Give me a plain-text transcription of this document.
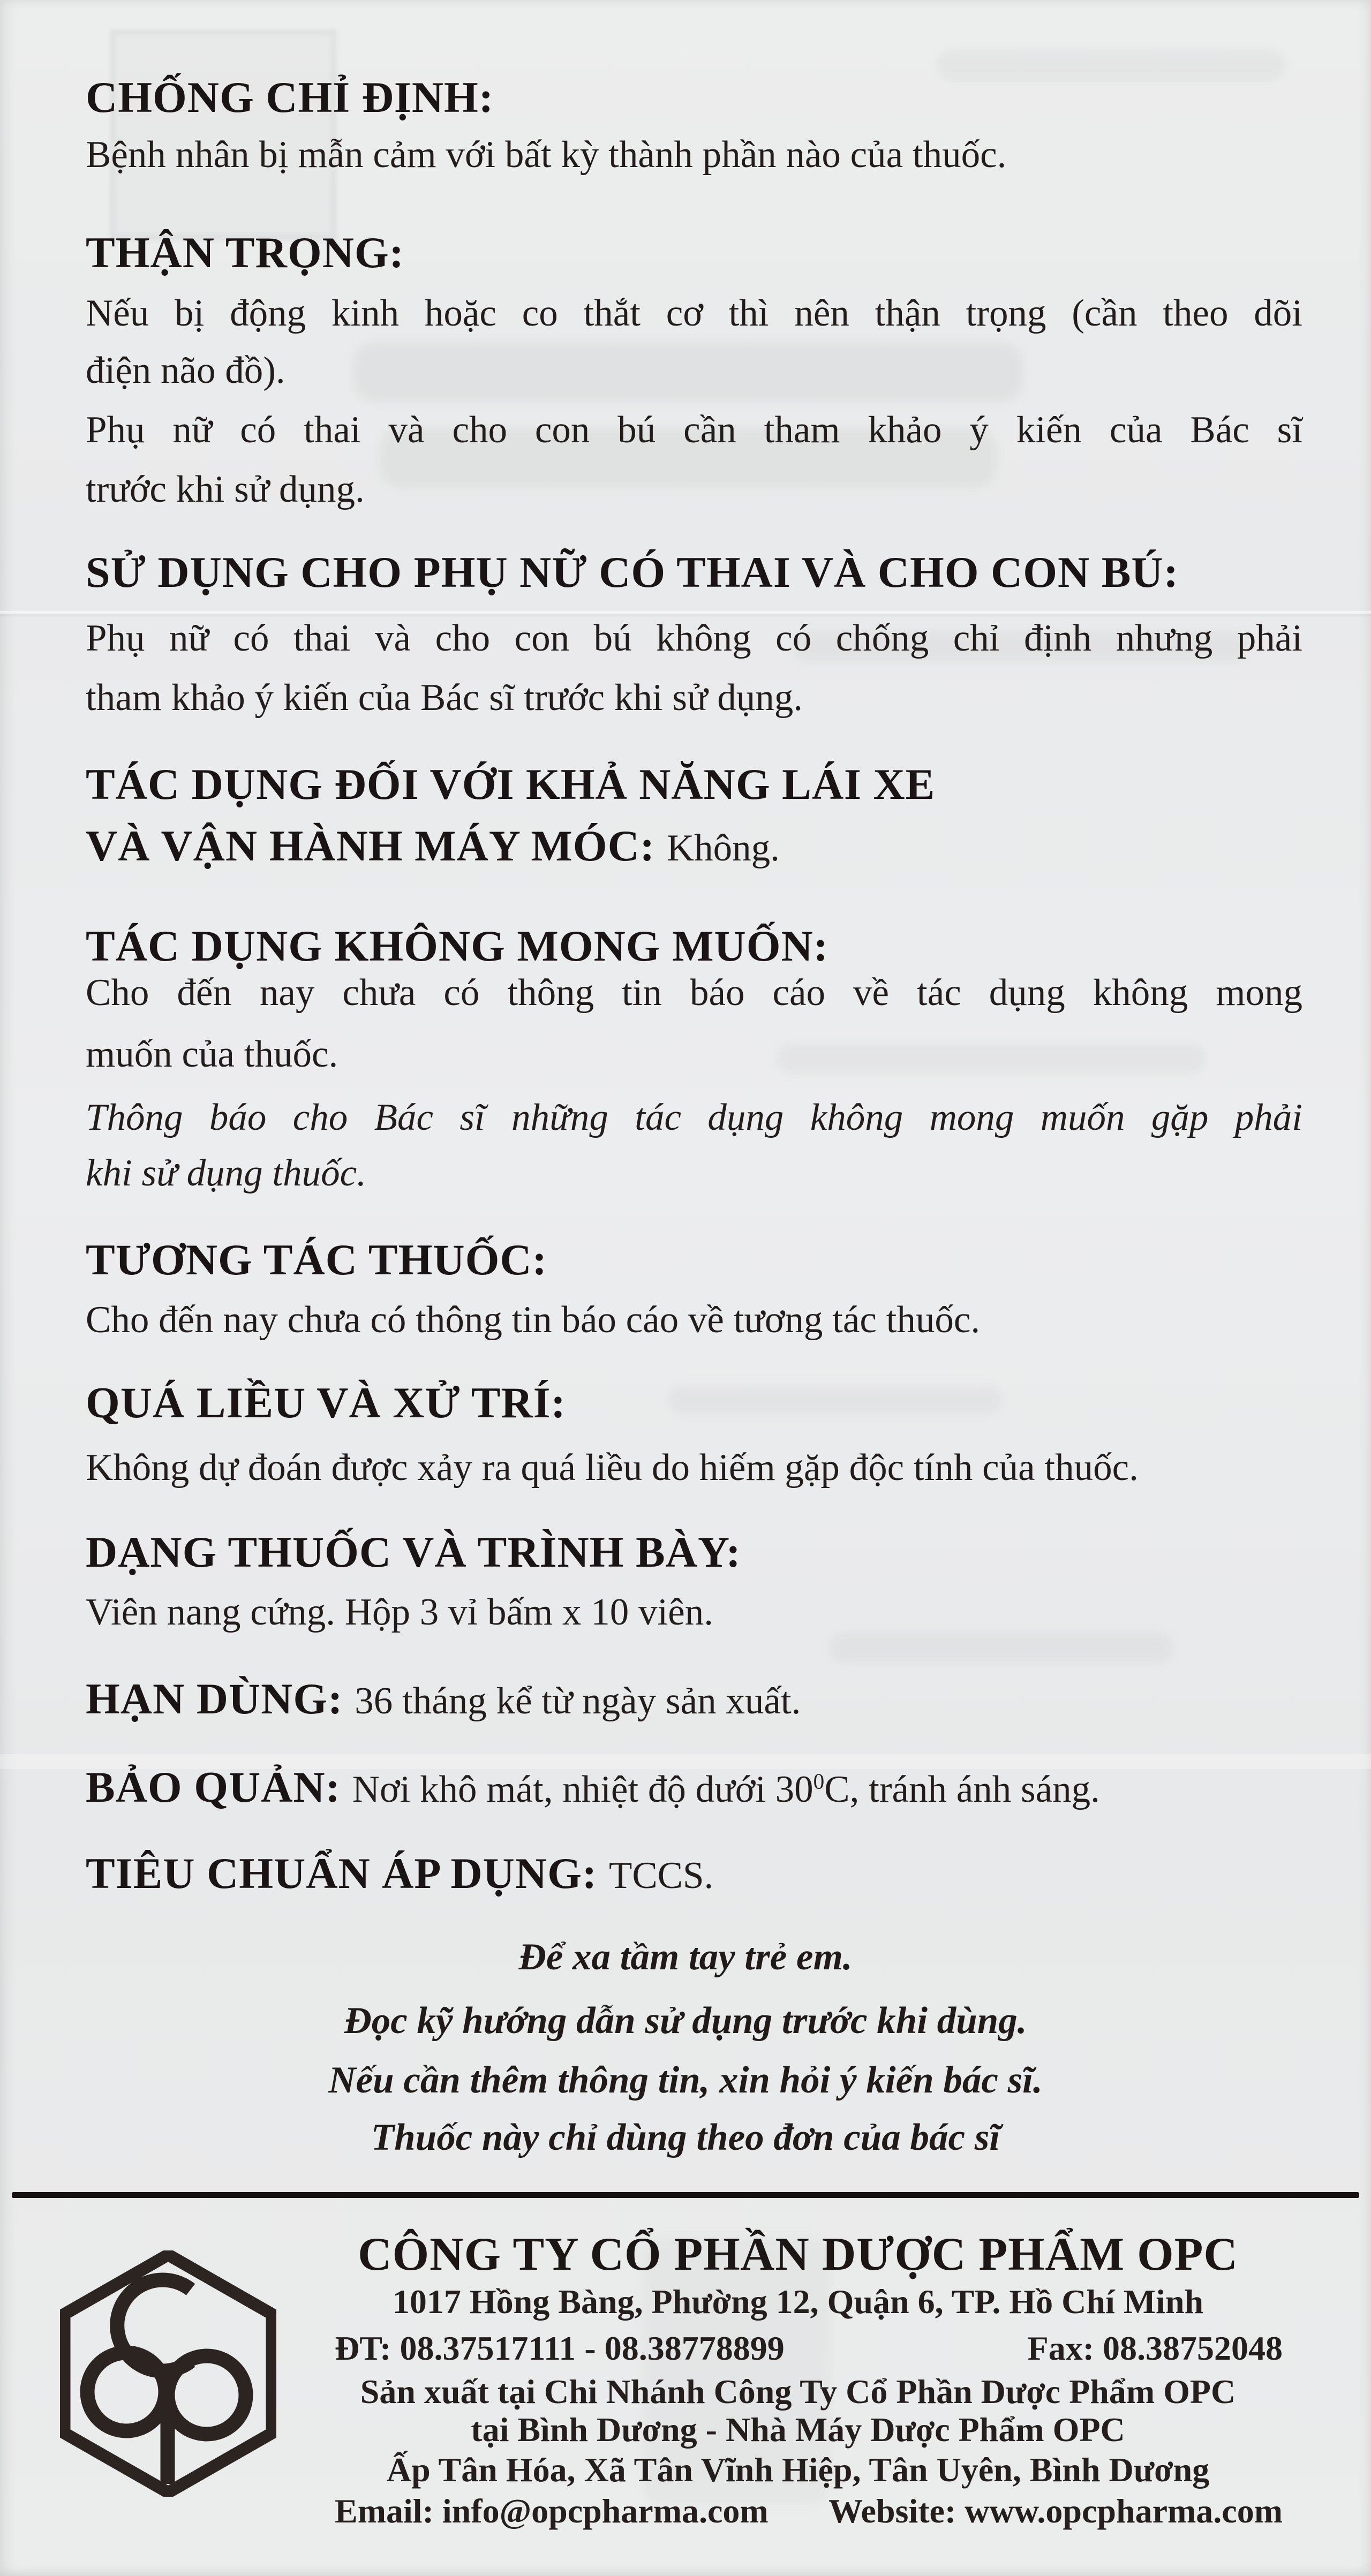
CHỐNG CHỈ ĐỊNH:
Bệnh nhân bị mẫn cảm với bất kỳ thành phần nào của thuốc.
THẬN TRỌNG:
Nếu bị động kinh hoặc co thắt cơ thì nên thận trọng (cần theo dõi
điện não đồ).
Phụ nữ có thai và cho con bú cần tham khảo ý kiến của Bác sĩ
trước khi sử dụng.
SỬ DỤNG CHO PHỤ NỮ CÓ THAI VÀ CHO CON BÚ:
Phụ nữ có thai và cho con bú không có chống chỉ định nhưng phải
tham khảo ý kiến của Bác sĩ trước khi sử dụng.
TÁC DỤNG ĐỐI VỚI KHẢ NĂNG LÁI XE
VÀ VẬN HÀNH MÁY MÓC: Không.
TÁC DỤNG KHÔNG MONG MUỐN:
Cho đến nay chưa có thông tin báo cáo về tác dụng không mong
muốn của thuốc.
Thông báo cho Bác sĩ những tác dụng không mong muốn gặp phải
khi sử dụng thuốc.
TƯƠNG TÁC THUỐC:
Cho đến nay chưa có thông tin báo cáo về tương tác thuốc.
QUÁ LIỀU VÀ XỬ TRÍ:
Không dự đoán được xảy ra quá liều do hiếm gặp độc tính của thuốc.
DẠNG THUỐC VÀ TRÌNH BÀY:
Viên nang cứng. Hộp 3 vỉ bấm x 10 viên.
HẠN DÙNG: 36 tháng kể từ ngày sản xuất.
BẢO QUẢN: Nơi khô mát, nhiệt độ dưới $30^0C$, tránh ánh sáng.
TIÊU CHUẨN ÁP DỤNG: TCCS.
Để xa tầm tay trẻ em.
Đọc kỹ hướng dẫn sử dụng trước khi dùng.
Nếu cần thêm thông tin, xin hỏi ý kiến bác sĩ.
Thuốc này chỉ dùng theo đơn của bác sĩ
CÔNG TY CỔ PHẦN DƯỢC PHẨM OPC
1017 Hồng Bàng, Phường 12, Quận 6, TP. Hồ Chí Minh
ĐT: 08.37517111 - 08.38778899	Fax: 08.38752048
Sản xuất tại Chi Nhánh Công Ty Cổ Phần Dược Phẩm OPC
tại Bình Dương - Nhà Máy Dược Phẩm OPC
Ấp Tân Hóa, Xã Tân Vĩnh Hiệp, Tân Uyên, Bình Dương
Email: info@opcpharma.com Website: www.opcpharma.com
